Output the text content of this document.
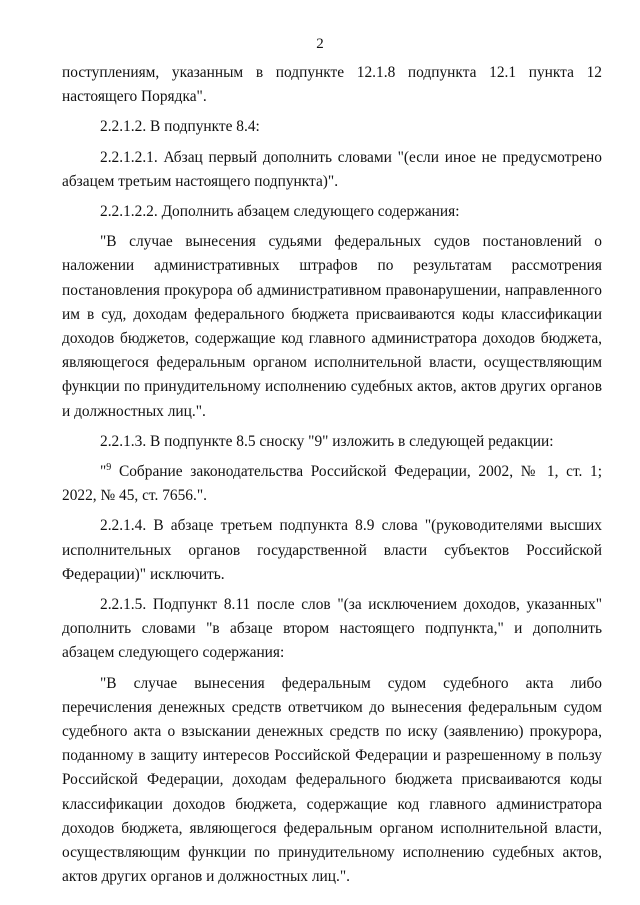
2

поступлениям, указанным в подпунктe 12.1.8 подпункта 12.1 пункта 12 настоящего Порядка".

2.2.1.2. В подпункте 8.4:

2.2.1.2.1. Абзац первый дополнить словами "(если иное не предусмотрено абзацем третьим настоящего подпункта)".

2.2.1.2.2. Дополнить абзацем следующего содержания:

"В случае вынесения судьями федеральных судов постановлений о наложении административных штрафов по результатам рассмотрения постановления прокурора об административном правонарушении, направленного им в суд, доходам федерального бюджета присваиваются коды классификации доходов бюджетов, содержащие код главного администратора доходов бюджета, являющегося федеральным органом исполнительной власти, осуществляющим функции по принудительному исполнению судебных актов, актов других органов и должностных лиц.".

2.2.1.3. В подпункте 8.5 сноску "9" изложить в следующей редакции:

"$^9$ Собрание законодательства Российской Федерации, 2002, № 1, ст. 1; 2022, № 45, ст. 7656.".

2.2.1.4. В абзаце третьем подпункта 8.9 слова "(руководителями высших исполнительных органов государственной власти субъектов Российской Федерации)" исключить.

2.2.1.5. Подпункт 8.11 после слов "(за исключением доходов, указанных" дополнить словами "в абзаце втором настоящего подпункта," и дополнить абзацем следующего содержания:

"В случае вынесения федеральным судом судебного акта либо перечисления денежных средств ответчиком до вынесения федеральным судом судебного акта о взыскании денежных средств по иску (заявлению) прокурора, поданному в защиту интересов Российской Федерации и разрешенному в пользу Российской Федерации, доходам федерального бюджета присваиваются коды классификации доходов бюджета, содержащие код главного администратора доходов бюджета, являющегося федеральным органом исполнительной власти, осуществляющим функции по принудительному исполнению судебных актов, актов других органов и должностных лиц.".
